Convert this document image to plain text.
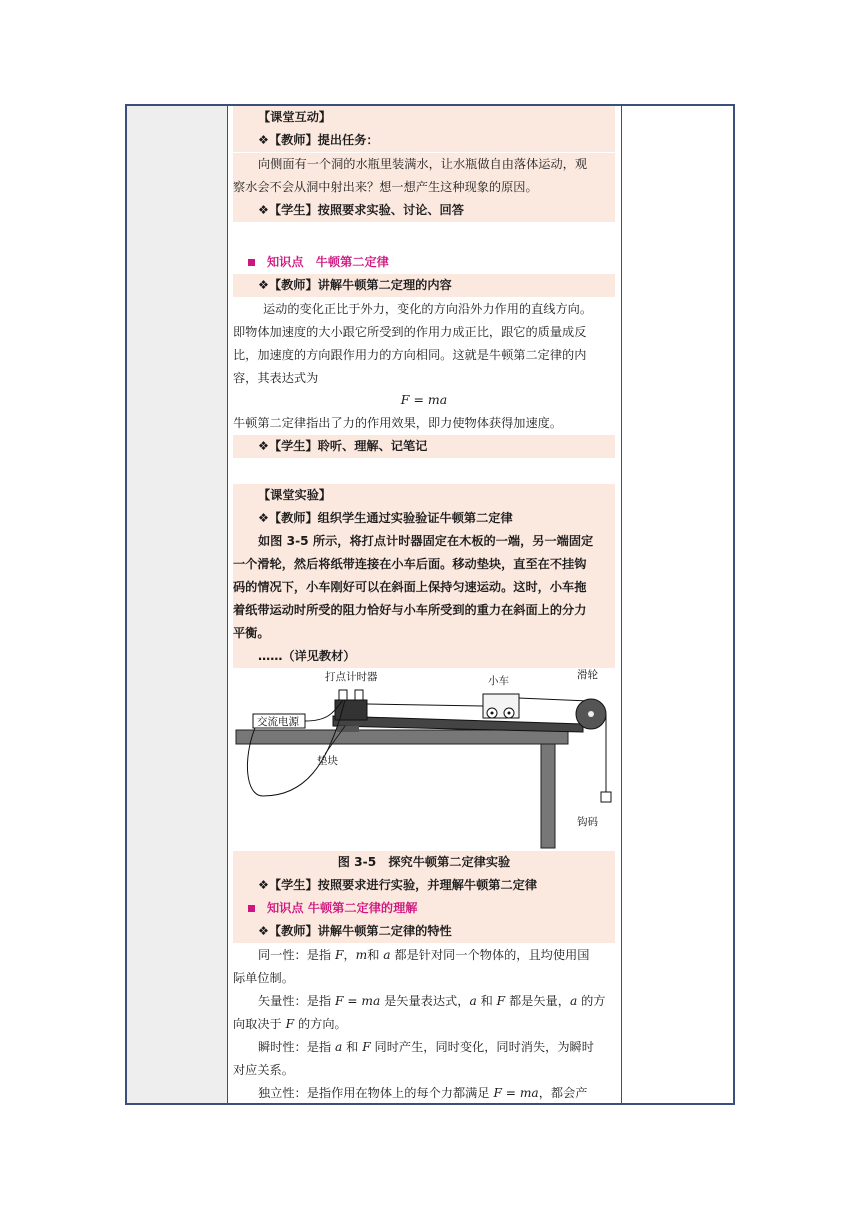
【课堂互动】
❖【教师】提出任务：
向侧面有一个洞的水瓶里装满水，让水瓶做自由落体运动，观
察水会不会从洞中射出来？想一想产生这种现象的原因。
❖【学生】按照要求实验、讨论、回答
知识点　牛顿第二定律
❖【教师】讲解牛顿第二定理的内容
运动的变化正比于外力，变化的方向沿外力作用的直线方向。
即物体加速度的大小跟它所受到的作用力成正比，跟它的质量成反
比，加速度的方向跟作用力的方向相同。这就是牛顿第二定律的内
容，其表达式为
F = ma
牛顿第二定律指出了力的作用效果，即力使物体获得加速度。
❖【学生】聆听、理解、记笔记
【课堂实验】
❖【教师】组织学生通过实验验证牛顿第二定律
如图 3-5 所示，将打点计时器固定在木板的一端，另一端固定
一个滑轮，然后将纸带连接在小车后面。移动垫块，直至在不挂钩
码的情况下，小车刚好可以在斜面上保持匀速运动。这时，小车拖
着纸带运动时所受的阻力恰好与小车所受到的重力在斜面上的分力
平衡。
……（详见教材）
打点计时器	小车	滑轮
交流电源
垫块
钩码
图 3-5　探究牛顿第二定律实验
❖【学生】按照要求进行实验，并理解牛顿第二定律
知识点 牛顿第二定律的理解
❖【教师】讲解牛顿第二定律的特性
同一性：是指 F，m和 a 都是针对同一个物体的，且均使用国
际单位制。
矢量性：是指 F = ma 是矢量表达式，a 和 F 都是矢量，a 的方
向取决于 F 的方向。
瞬时性：是指 a 和 F 同时产生，同时变化，同时消失，为瞬时
对应关系。
独立性：是指作用在物体上的每个力都满足 F = ma，都会产
